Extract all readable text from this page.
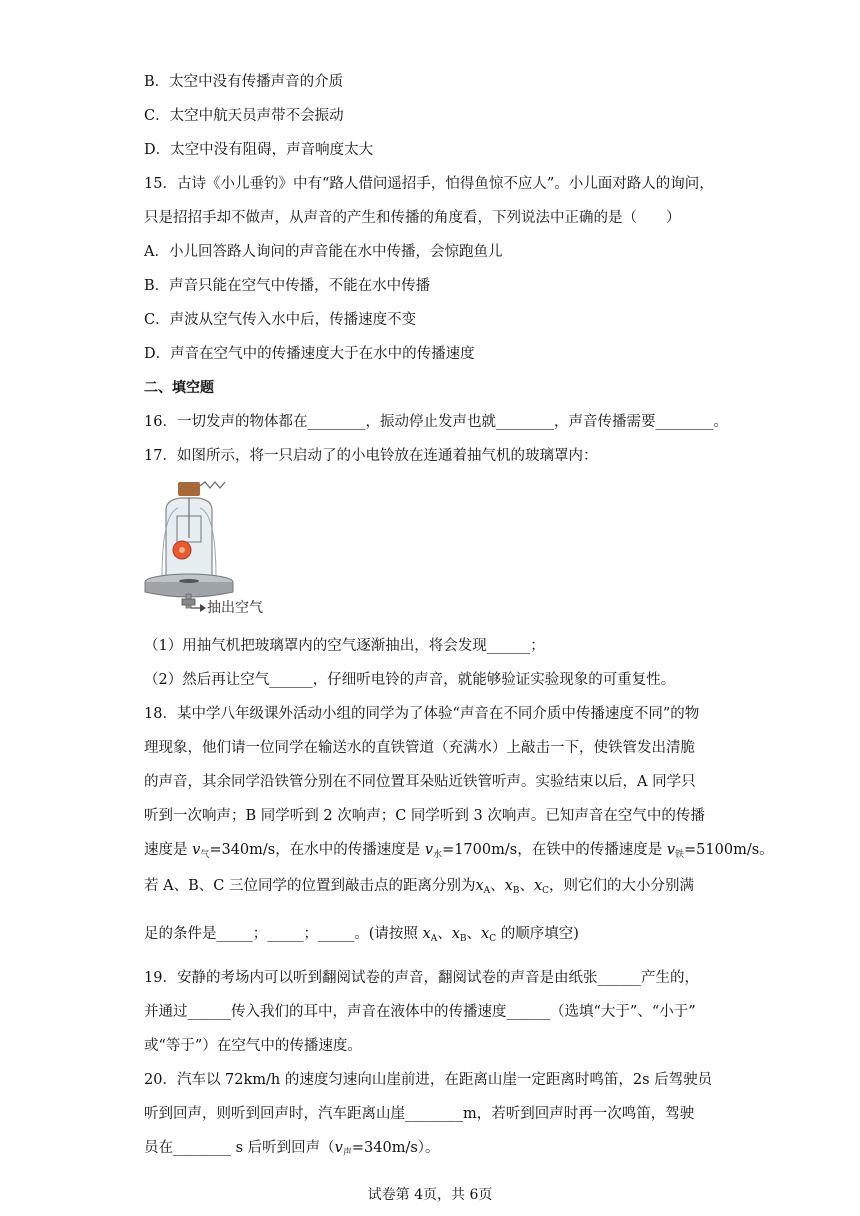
B．太空中没有传播声音的介质
C．太空中航天员声带不会振动
D．太空中没有阻碍，声音响度太大
15．古诗《小儿垂钓》中有“路人借问遥招手，怕得鱼惊不应人”。小儿面对路人的询问，
只是招招手却不做声，从声音的产生和传播的角度看，下列说法中正确的是（　　）
A．小儿回答路人询问的声音能在水中传播，会惊跑鱼儿
B．声音只能在空气中传播，不能在水中传播
C．声波从空气传入水中后，传播速度不变
D．声音在空气中的传播速度大于在水中的传播速度
二、填空题
16．一切发声的物体都在________，振动停止发声也就________，声音传播需要________。
17．如图所示，将一只启动了的小电铃放在连通着抽气机的玻璃罩内：
抽出空气
（1）用抽气机把玻璃罩内的空气逐渐抽出，将会发现______；
（2）然后再让空气______，仔细听电铃的声音，就能够验证实验现象的可重复性。
18．某中学八年级课外活动小组的同学为了体验“声音在不同介质中传播速度不同”的物
理现象，他们请一位同学在输送水的直铁管道（充满水）上敲击一下，使铁管发出清脆
的声音，其余同学沿铁管分别在不同位置耳朵贴近铁管听声。实验结束以后，A 同学只
听到一次响声；B 同学听到 2 次响声；C 同学听到 3 次响声。已知声音在空气中的传播
速度是 $v_气=340m/s$，在水中的传播速度是 $v_水=1700m/s$，在铁中的传播速度是 $v_铁=5100m/s$。
若 A、B、C 三位同学的位置到敲击点的距离分别为$x_A$、$x_B$、$x_C$，则它们的大小分别满
足的条件是_____；_____；_____。(请按照 $x_A$、$x_B$、$x_C$ 的顺序填空)
19．安静的考场内可以听到翻阅试卷的声音，翻阅试卷的声音是由纸张______产生的，
并通过______传入我们的耳中，声音在液体中的传播速度______（选填“大于”、“小于”
或“等于”）在空气中的传播速度。
20．汽车以 72km/h 的速度匀速向山崖前进，在距离山崖一定距离时鸣笛，2s 后驾驶员
听到回声，则听到回声时，汽车距离山崖________m，若听到回声时再一次鸣笛，驾驶
员在________ s 后听到回声$(v_声=340m/s)$。
试卷第 4页，共 6页
